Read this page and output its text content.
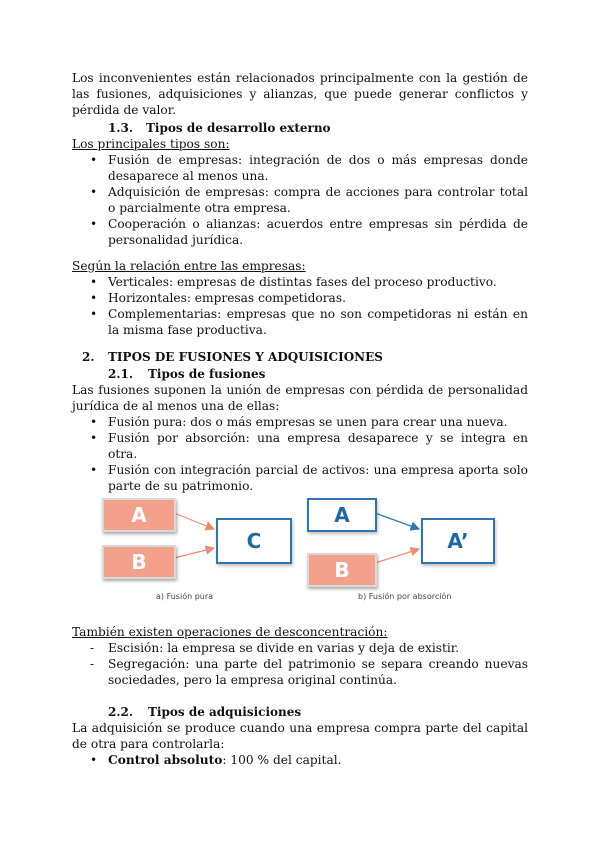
Los inconvenientes están relacionados principalmente con la gestión de las fusiones, adquisiciones y alianzas, que puede generar conflictos y pérdida de valor.

1.3. Tipos de desarrollo externo

Los principales tipos son:

• Fusión de empresas: integración de dos o más empresas donde desaparece al menos una.
• Adquisición de empresas: compra de acciones para controlar total o parcialmente otra empresa.
• Cooperación o alianzas: acuerdos entre empresas sin pérdida de personalidad jurídica.

Según la relación entre las empresas:

• Verticales: empresas de distintas fases del proceso productivo.
• Horizontales: empresas competidoras.
• Complementarias: empresas que no son competidoras ni están en la misma fase productiva.
2. TIPOS DE FUSIONES Y ADQUISICIONES
2.1. Tipos de fusiones

Las fusiones suponen la unión de empresas con pérdida de personalidad jurídica de al menos una de ellas:

• Fusión pura: dos o más empresas se unen para crear una nueva.
• Fusión por absorción: una empresa desaparece y se integra en otra.
• Fusión con integración parcial de activos: una empresa aporta solo parte de su patrimonio.
A
B
C
A
B
A’
a) Fusión pura	b) Fusión por absorción

También existen operaciones de desconcentración:

- Escisión: la empresa se divide en varias y deja de existir.
- Segregación: una parte del patrimonio se separa creando nuevas sociedades, pero la empresa original continúa.
2.2. Tipos de adquisiciones

La adquisición se produce cuando una empresa compra parte del capital de otra para controlarla:

• Control absoluto: 100 % del capital.
